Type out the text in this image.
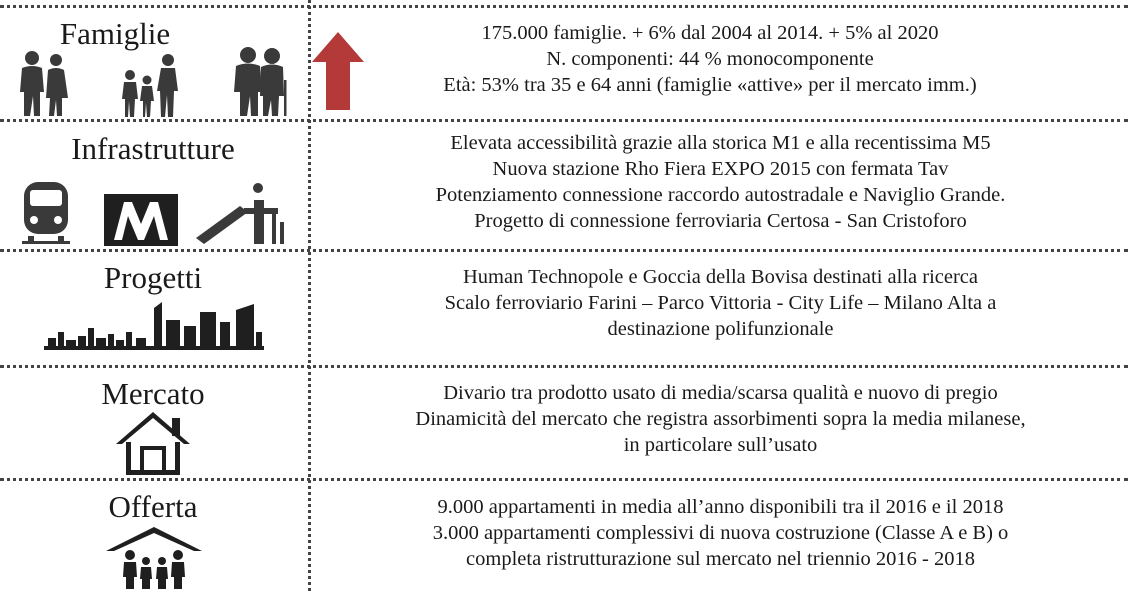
Famiglie	175.000 famiglie. + 6% dal 2004 al 2014. + 5% al 2020
N. componenti: 44 % monocomponente
Età: 53% tra 35 e 64 anni (famiglie «attive» per il mercato imm.)
Infrastrutture	Elevata accessibilità grazie alla storica M1 e alla recentissima M5
Nuova stazione Rho Fiera EXPO 2015 con fermata Tav
Potenziamento connessione raccordo autostradale e Naviglio Grande.
Progetto di connessione ferroviaria Certosa - San Cristoforo
Progetti	Human Technopole e Goccia della Bovisa destinati alla ricerca
Scalo ferroviario Farini – Parco Vittoria - City Life – Milano Alta a
destinazione polifunzionale
Mercato	Divario tra prodotto usato di media/scarsa qualità e nuovo di pregio
Dinamicità del mercato che registra assorbimenti sopra la media milanese,
in particolare sull’usato
Offerta	9.000 appartamenti in media all’anno disponibili tra il 2016 e il 2018
3.000 appartamenti complessivi di nuova costruzione (Classe A e B) o
completa ristrutturazione sul mercato nel triennio 2016 - 2018
